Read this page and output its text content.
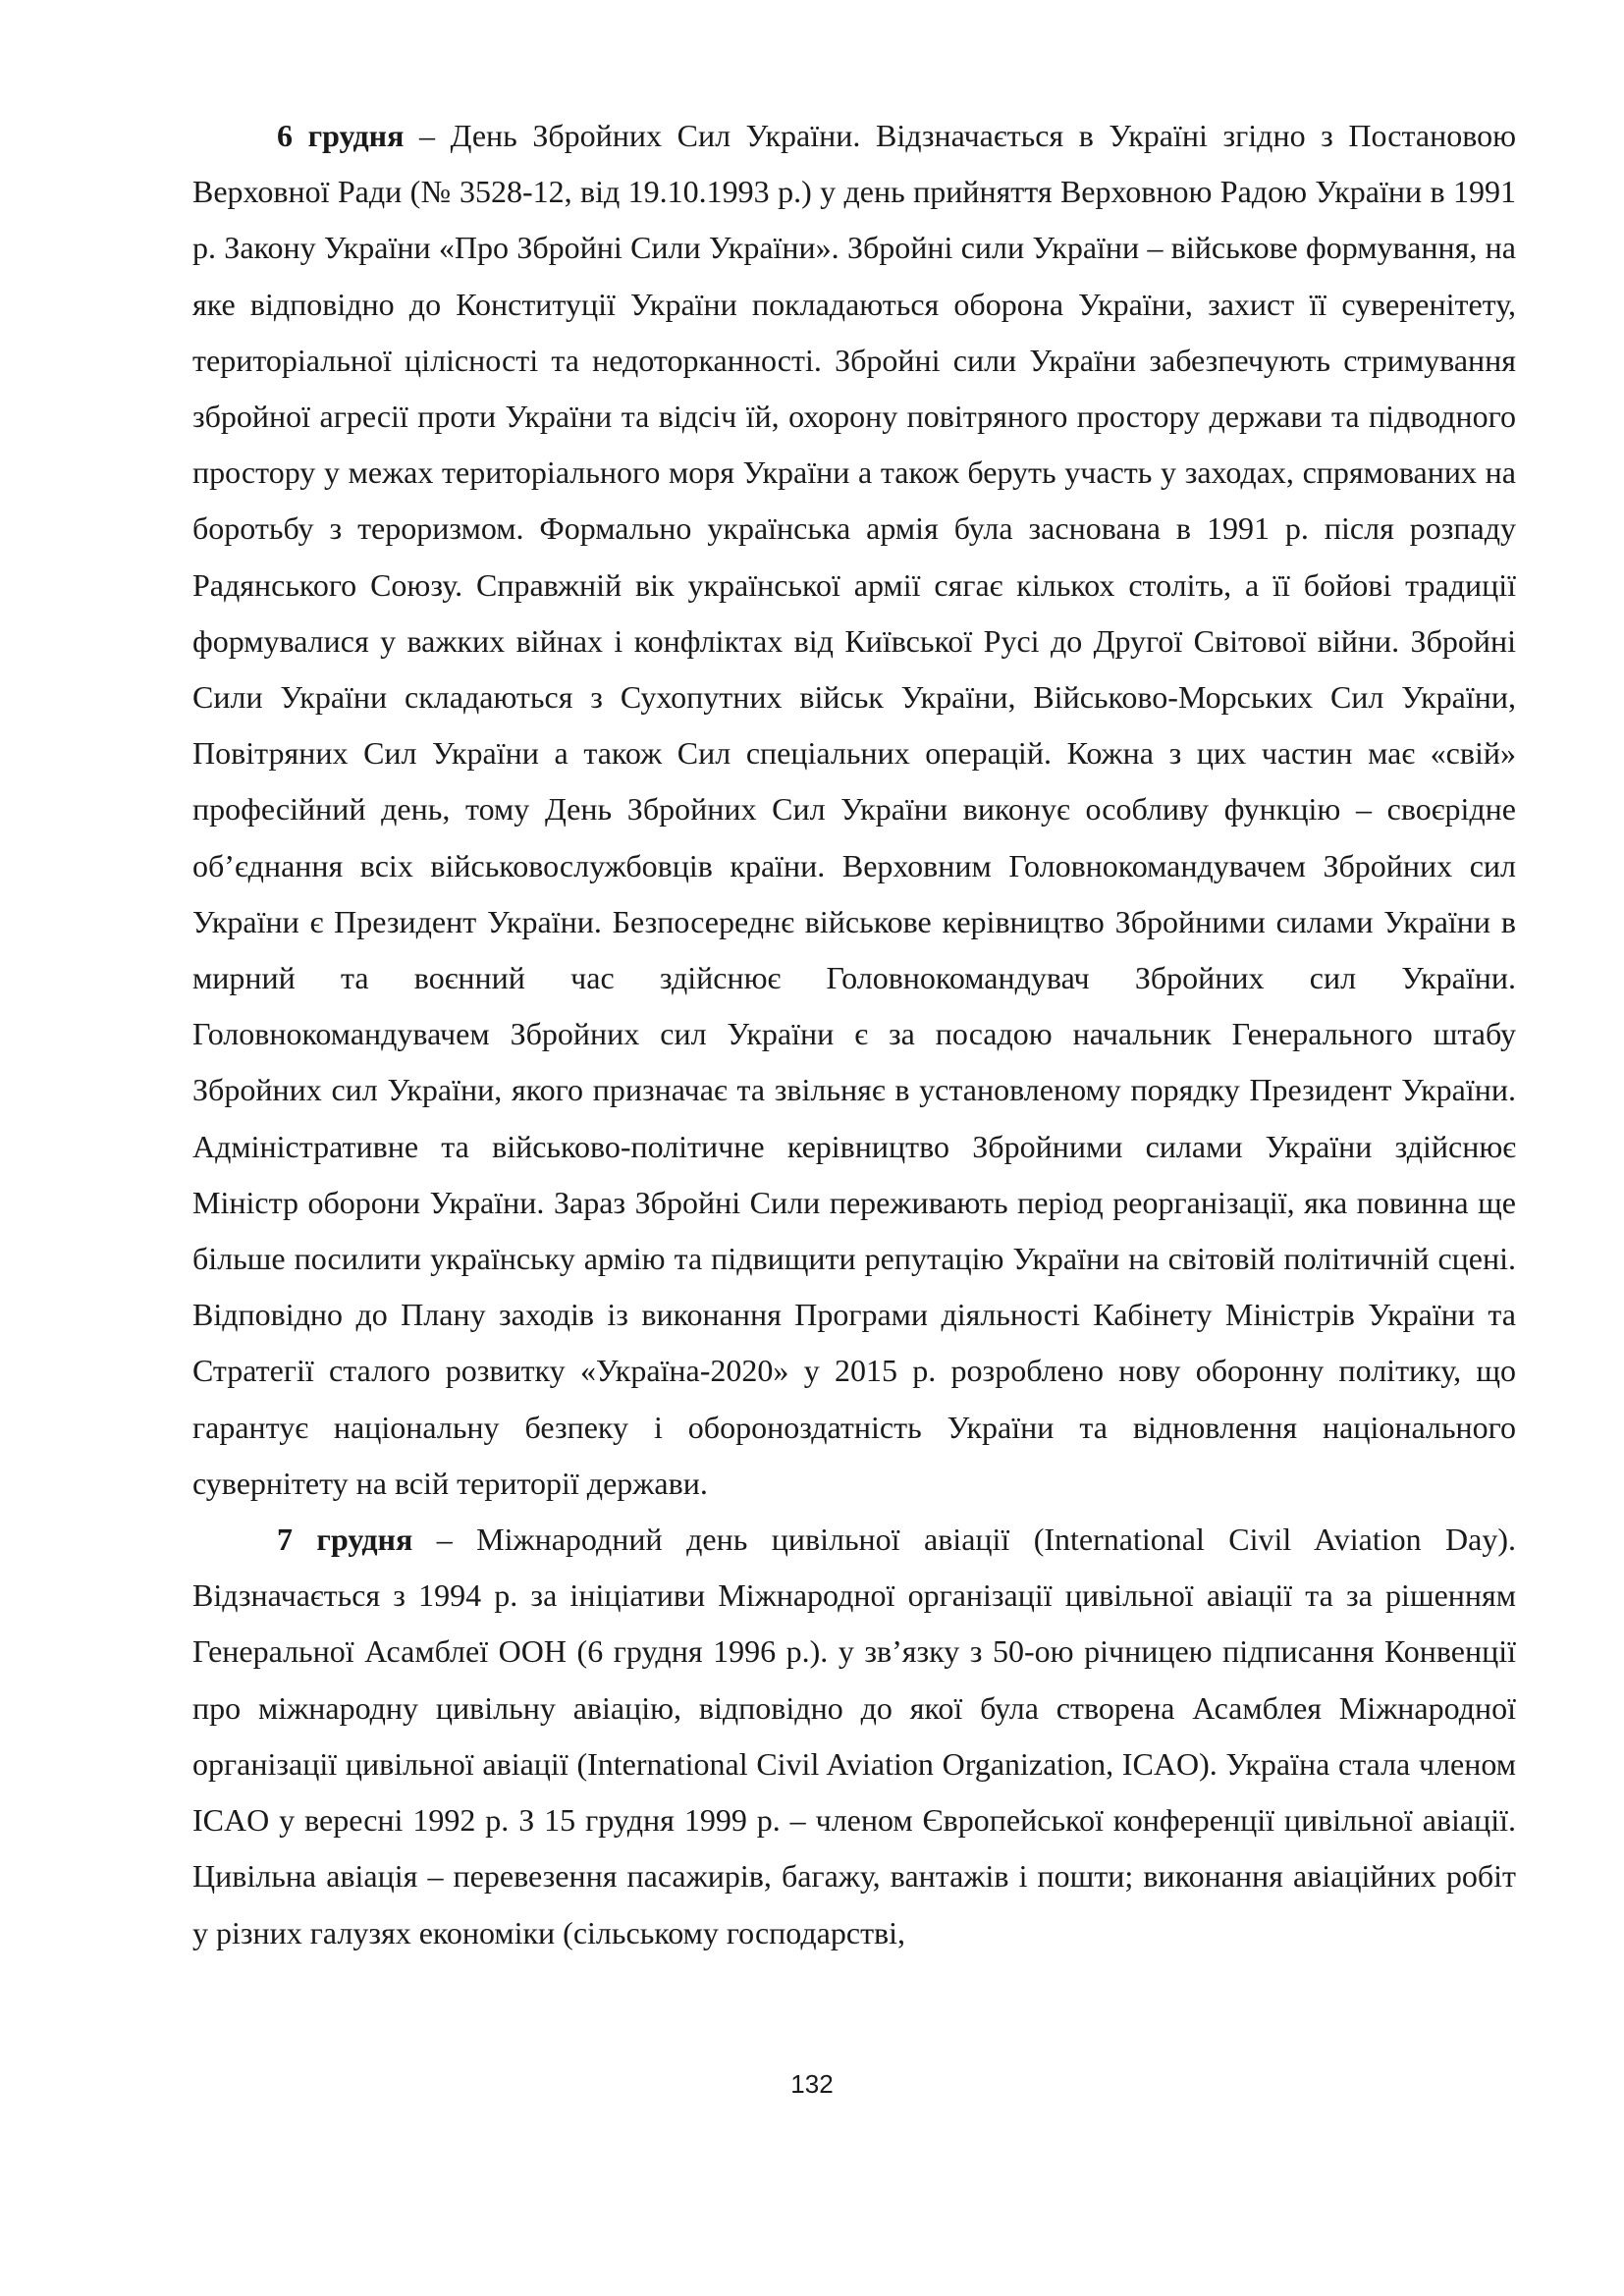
6 грудня – День Збройних Сил України. Відзначається в Україні згідно з Постановою Верховної Ради (№ 3528-12, від 19.10.1993 р.) у день прийняття Верховною Радою України в 1991 р. Закону України «Про Збройні Сили України». Збройні сили України – військове формування, на яке відповідно до Конституції України покладаються оборона України, захист її суверенітету, територіальної цілісності та недоторканності. Збройні сили України забезпечують стримування збройної агресії проти України та відсіч їй, охорону повітряного простору держави та підводного простору у межах територіального моря України а також беруть участь у заходах, спрямованих на боротьбу з тероризмом. Формально українська армія була заснована в 1991 р. після розпаду Радянського Союзу. Справжній вік української армії сягає кількох століть, а її бойові традиції формувалися у важких війнах і конфліктах від Київської Русі до Другої Світової війни. Збройні Сили України складаються з Сухопутних військ України, Військово-Морських Сил України, Повітряних Сил України а також Сил спеціальних операцій. Кожна з цих частин має «свій» професійний день, тому День Збройних Сил України виконує особливу функцію – своєрідне об’єднання всіх військовослужбовців країни. Верховним Головнокомандувачем Збройних сил України є Президент України. Безпосереднє військове керівництво Збройними силами України в мирний та воєнний час здійснює Головнокомандувач Збройних сил України. Головнокомандувачем Збройних сил України є за посадою начальник Генерального штабу Збройних сил України, якого призначає та звільняє в установленому порядку Президент України. Адміністративне та військово-політичне керівництво Збройними силами України здійснює Міністр оборони України. Зараз Збройні Сили переживають період реорганізації, яка повинна ще більше посилити українську армію та підвищити репутацію України на світовій політичній сцені. Відповідно до Плану заходів із виконання Програми діяльності Кабінету Міністрів України та Стратегії сталого розвитку «Україна-2020» у 2015 р. розроблено нову оборонну політику, що гарантує національну безпеку і обороноздатність України та відновлення національного сувернітету на всій території держави.

7 грудня – Міжнародний день цивільної авіації (International Civil Aviation Day). Відзначається з 1994 р. за ініціативи Міжнародної організації цивільної авіації та за рішенням Генеральної Асамблеї ООН (6 грудня 1996 р.). у зв’язку з 50-ою річницею підписання Конвенції про міжнародну цивільну авіацію, відповідно до якої була створена Асамблея Міжнародної організації цивільної авіації (International Civil Aviation Organization, ICAO). Україна стала членом ICAO у вересні 1992 р. З 15 грудня 1999 р. – членом Європейської конференції цивільної авіації. Цивільна авіація – перевезення пасажирів, багажу, вантажів і пошти; виконання авіаційних робіт у різних галузях економіки (сільському господарстві,

132
